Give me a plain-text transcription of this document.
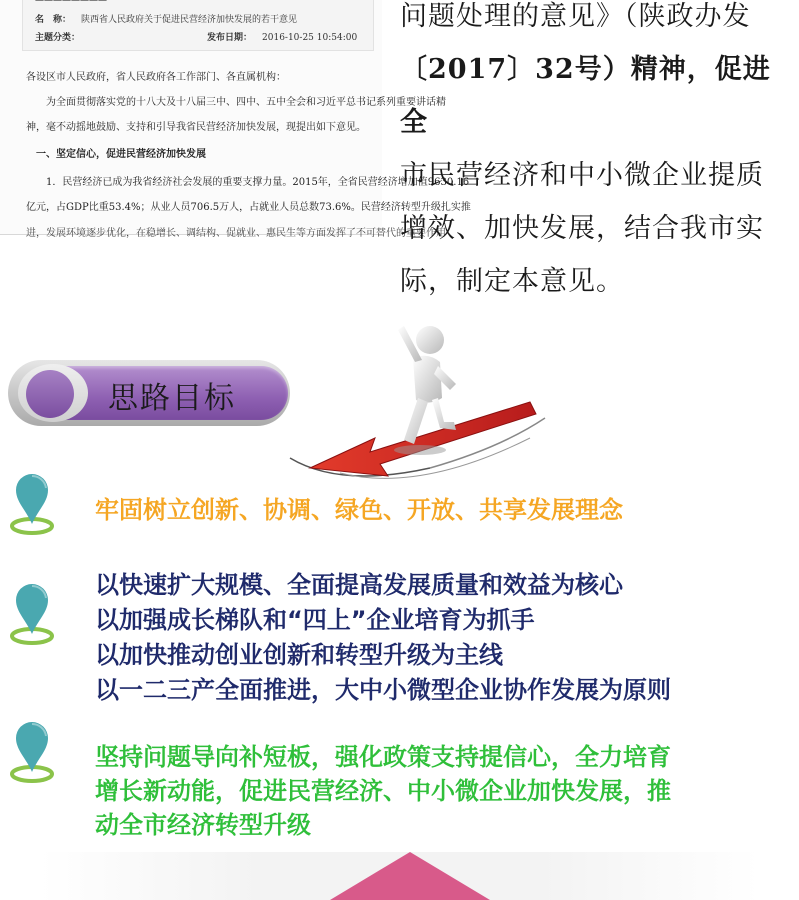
————————
名　称： 陕西省人民政府关于促进民营经济加快发展的若干意见
主题分类：	发布日期： 2016-10-25 10:54:00
各设区市人民政府，省人民政府各工作部门、各直属机构：
　　为全面贯彻落实党的十八大及十八届三中、四中、五中全会和习近平总书记系列重要讲话精
神，毫不动摇地鼓励、支持和引导我省民营经济加快发展，现提出如下意见。
　一、坚定信心，促进民营经济加快发展
　　1．民营经济已成为我省经济社会发展的重要支撑力量。2015年，全省民营经济增加值9630.16
亿元，占GDP比重53.4%；从业人员706.5万人，占就业人员总数73.6%。民营经济转型升级扎实推
进，发展环境逐步优化，在稳增长、调结构、促就业、惠民生等方面发挥了不可替代的重要作用
问题处理的意见》（陕政办发
〔2017〕32号）精神，促进全
市民营经济和中小微企业提质
增效、加快发展，结合我市实
际，制定本意见。
思路目标
牢固树立创新、协调、绿色、开放、共享发展理念
以快速扩大规模、全面提高发展质量和效益为核心
以加强成长梯队和“四上”企业培育为抓手
以加快推动创业创新和转型升级为主线
以一二三产全面推进，大中小微型企业协作发展为原则
坚持问题导向补短板，强化政策支持提信心，全力培育
增长新动能，促进民营经济、中小微企业加快发展，推
动全市经济转型升级
